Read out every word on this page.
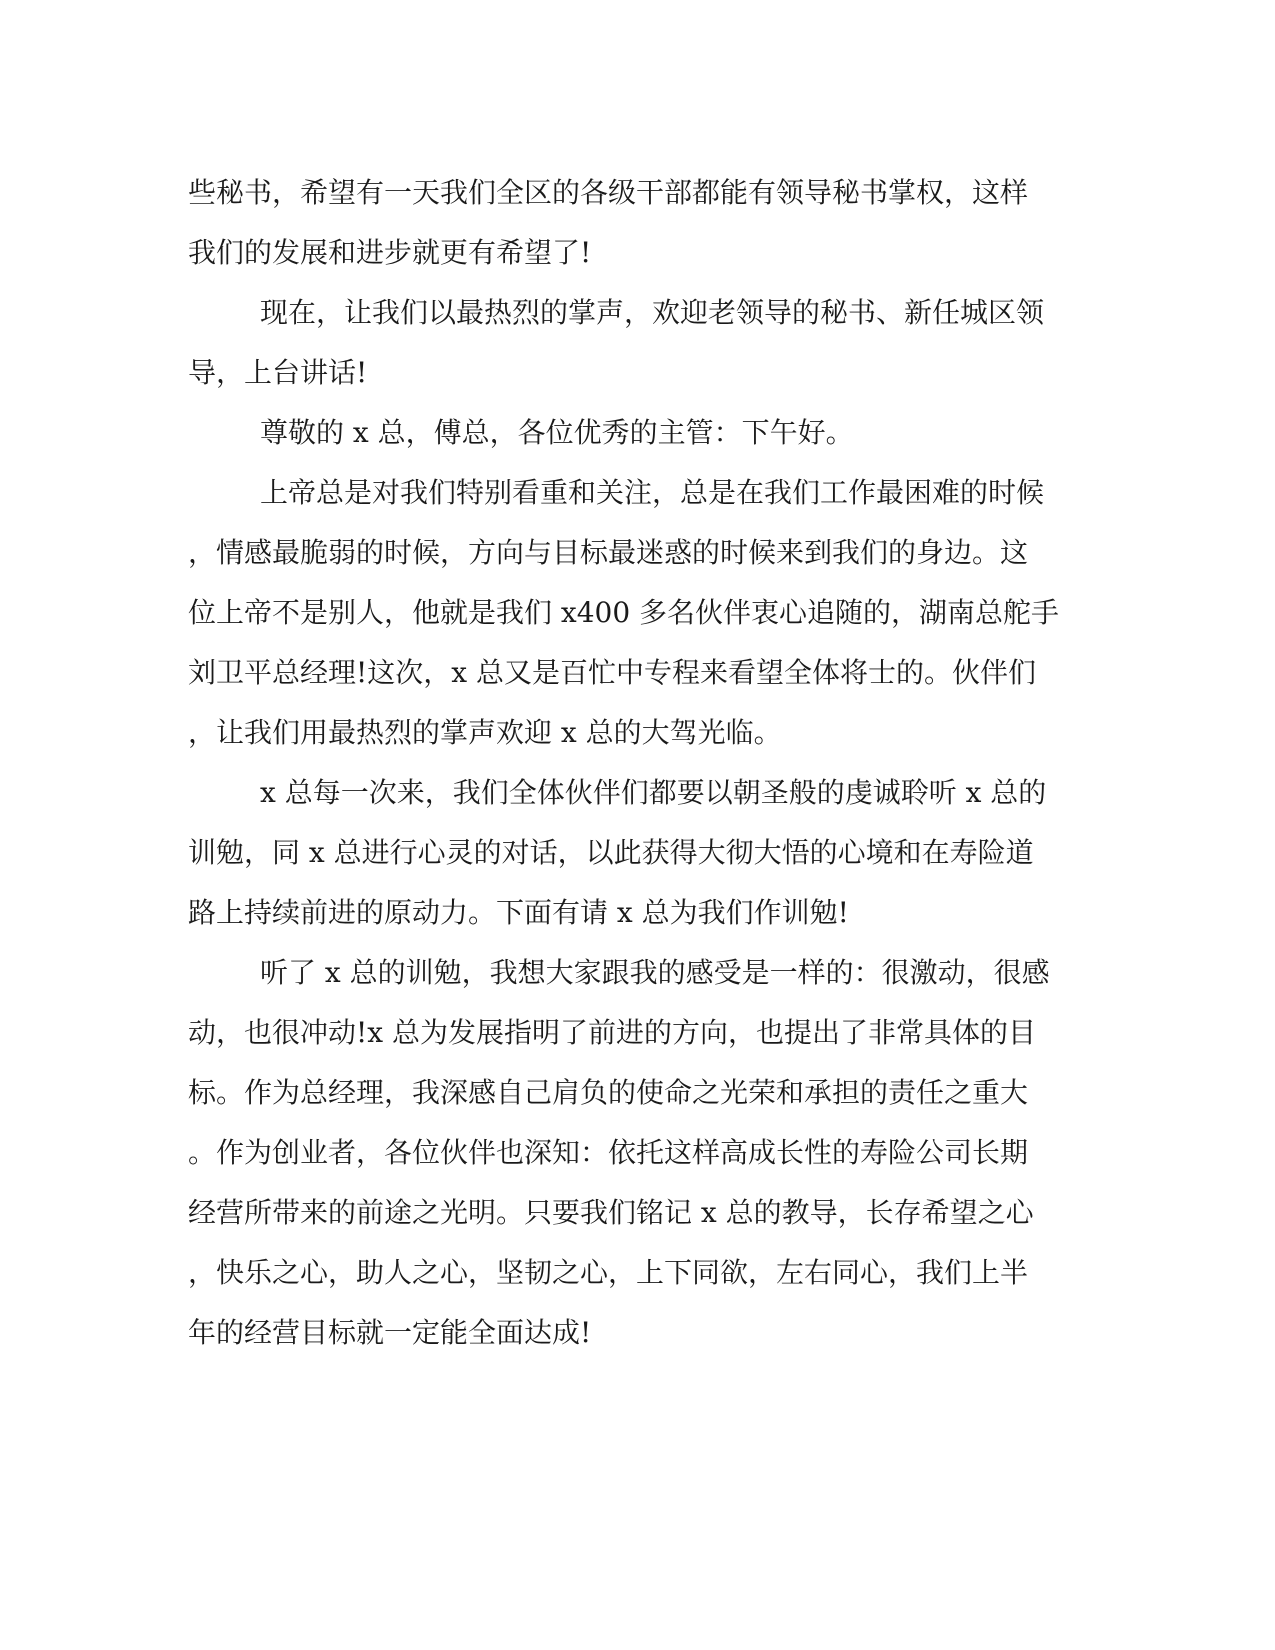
些秘书，希望有一天我们全区的各级干部都能有领导秘书掌权，这样
我们的发展和进步就更有希望了!
现在，让我们以最热烈的掌声，欢迎老领导的秘书、新任城区领
导，上台讲话!
尊敬的 x 总，傅总，各位优秀的主管：下午好。
上帝总是对我们特别看重和关注，总是在我们工作最困难的时候
，情感最脆弱的时候，方向与目标最迷惑的时候来到我们的身边。这
位上帝不是别人，他就是我们 x400 多名伙伴衷心追随的，湖南总舵手
刘卫平总经理!这次，x 总又是百忙中专程来看望全体将士的。伙伴们
，让我们用最热烈的掌声欢迎 x 总的大驾光临。
x 总每一次来，我们全体伙伴们都要以朝圣般的虔诚聆听 x 总的
训勉，同 x 总进行心灵的对话，以此获得大彻大悟的心境和在寿险道
路上持续前进的原动力。下面有请 x 总为我们作训勉!
听了 x 总的训勉，我想大家跟我的感受是一样的：很激动，很感
动，也很冲动!x 总为发展指明了前进的方向，也提出了非常具体的目
标。作为总经理，我深感自己肩负的使命之光荣和承担的责任之重大
。作为创业者，各位伙伴也深知：依托这样高成长性的寿险公司长期
经营所带来的前途之光明。只要我们铭记 x 总的教导，长存希望之心
，快乐之心，助人之心，坚韧之心，上下同欲，左右同心，我们上半
年的经营目标就一定能全面达成!
